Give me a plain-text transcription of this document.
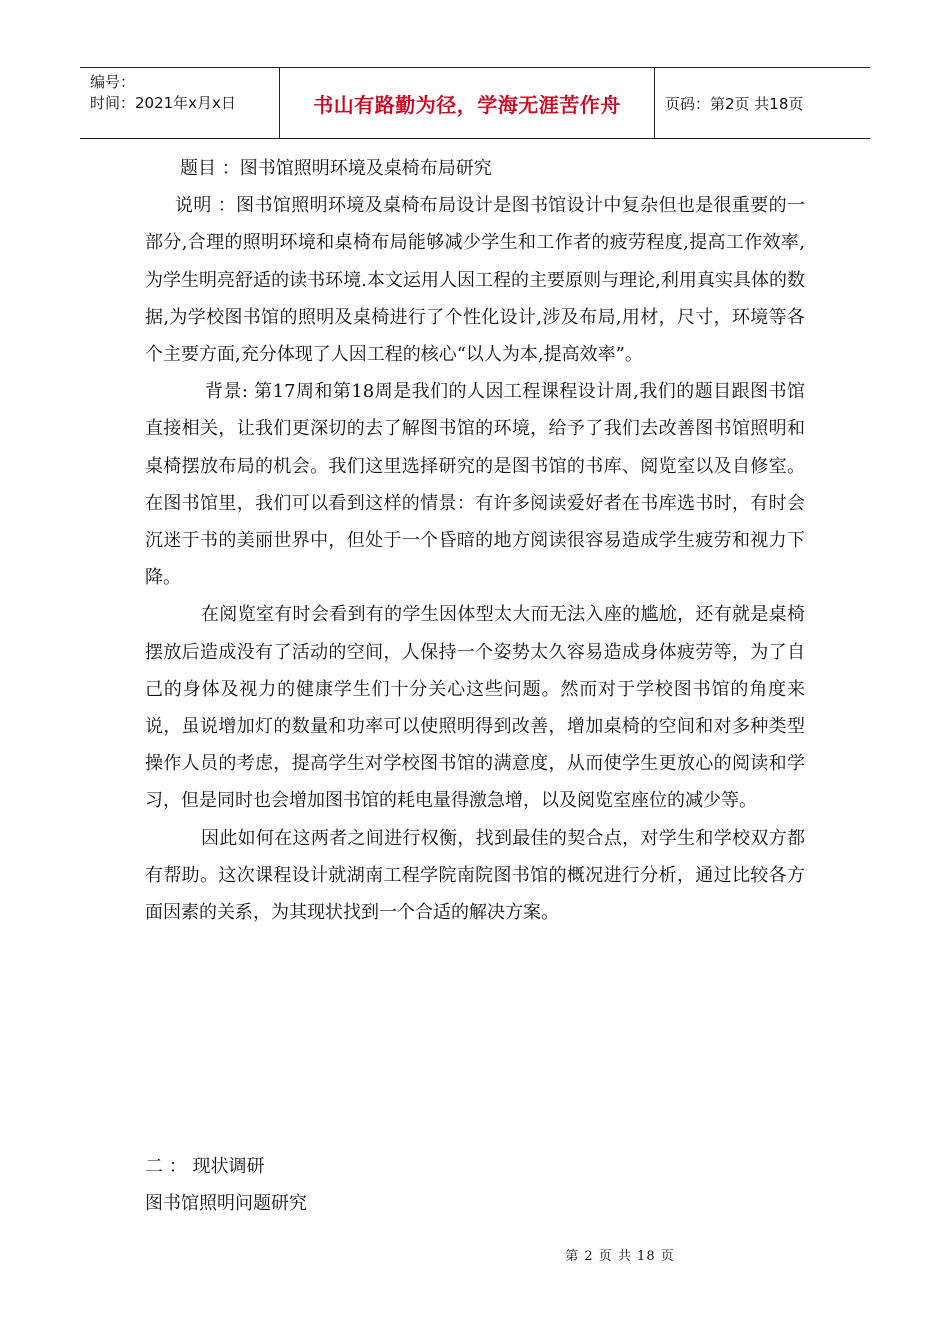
编号：
时间：2021年x月x日	书山有路勤为径，学海无涯苦作舟	页码：第2页 共18页

题目 ：图书馆照明环境及桌椅布局研究

说明 ：图书馆照明环境及桌椅布局设计是图书馆设计中复杂但也是很重要的一部分,合理的照明环境和桌椅布局能够减少学生和工作者的疲劳程度,提高工作效率,为学生明亮舒适的读书环境.本文运用人因工程的主要原则与理论,利用真实具体的数据,为学校图书馆的照明及桌椅进行了个性化设计,涉及布局,用材，尺寸，环境等各个主要方面,充分体现了人因工程的核心“以人为本,提高效率”。

背景: 第17周和第18周是我们的人因工程课程设计周,我们的题目跟图书馆直接相关，让我们更深切的去了解图书馆的环境，给予了我们去改善图书馆照明和桌椅摆放布局的机会。我们这里选择研究的是图书馆的书库、阅览室以及自修室。在图书馆里，我们可以看到这样的情景：有许多阅读爱好者在书库选书时，有时会沉迷于书的美丽世界中，但处于一个昏暗的地方阅读很容易造成学生疲劳和视力下降。

在阅览室有时会看到有的学生因体型太大而无法入座的尴尬，还有就是桌椅摆放后造成没有了活动的空间，人保持一个姿势太久容易造成身体疲劳等，为了自己的身体及视力的健康学生们十分关心这些问题。然而对于学校图书馆的角度来说，虽说增加灯的数量和功率可以使照明得到改善，增加桌椅的空间和对多种类型操作人员的考虑，提高学生对学校图书馆的满意度，从而使学生更放心的阅读和学习，但是同时也会增加图书馆的耗电量得激急增，以及阅览室座位的减少等。

因此如何在这两者之间进行权衡，找到最佳的契合点，对学生和学校双方都有帮助。这次课程设计就湖南工程学院南院图书馆的概况进行分析，通过比较各方面因素的关系，为其现状找到一个合适的解决方案。

二 ： 现状调研

图书馆照明问题研究

第 2 页 共 18 页
